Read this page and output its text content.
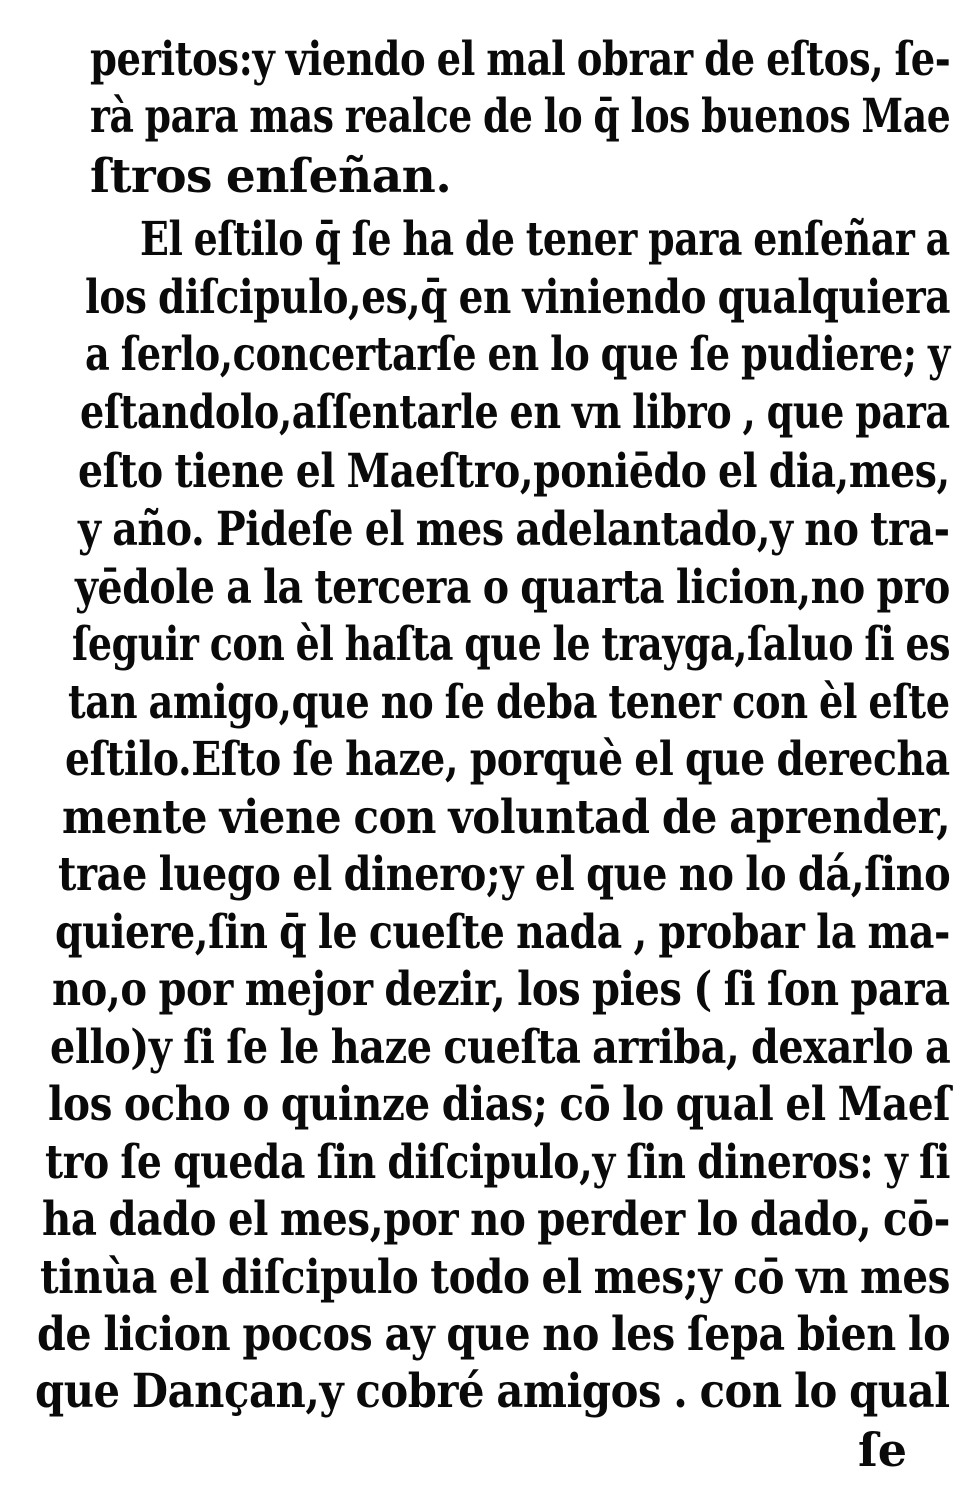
peritos:y viendo el mal obrar de eſtos, ſe-
rà para mas realce de lo q̄ los buenos Mae
ſtros enſeñan.
El eſtilo q̄ ſe ha de tener para enſeñar a
los diſcipulo,es,q̄ en viniendo qualquiera
a ſerlo,concertarſe en lo que ſe pudiere; y
eſtandolo,aſſentarle en vn libro , que para
eſto tiene el Maeſtro,poniēdo el dia,mes,
y año. Pideſe el mes adelantado,y no tra-
yēdole a la tercera o quarta licion,no pro
ſeguir con èl haſta que le trayga,ſaluo ſi es
tan amigo,que no ſe deba tener con èl eſte
eſtilo.Eſto ſe haze, porquè el que derecha
mente viene con voluntad de aprender,
trae luego el dinero;y el que no lo dá,ſino
quiere,ſin q̄ le cueſte nada , probar la ma-
no,o por mejor dezir, los pies ( ſi ſon para
ello)y ſi ſe le haze cueſta arriba, dexarlo a
los ocho o quinze dias; cō lo qual el Maeſ
tro ſe queda ſin diſcipulo,y ſin dineros: y ſi
ha dado el mes,por no perder lo dado, cō-
tinùa el diſcipulo todo el mes;y cō vn mes
de licion pocos ay que no les ſepa bien lo
que Dançan,y cobré amigos . con lo qual
ſe
